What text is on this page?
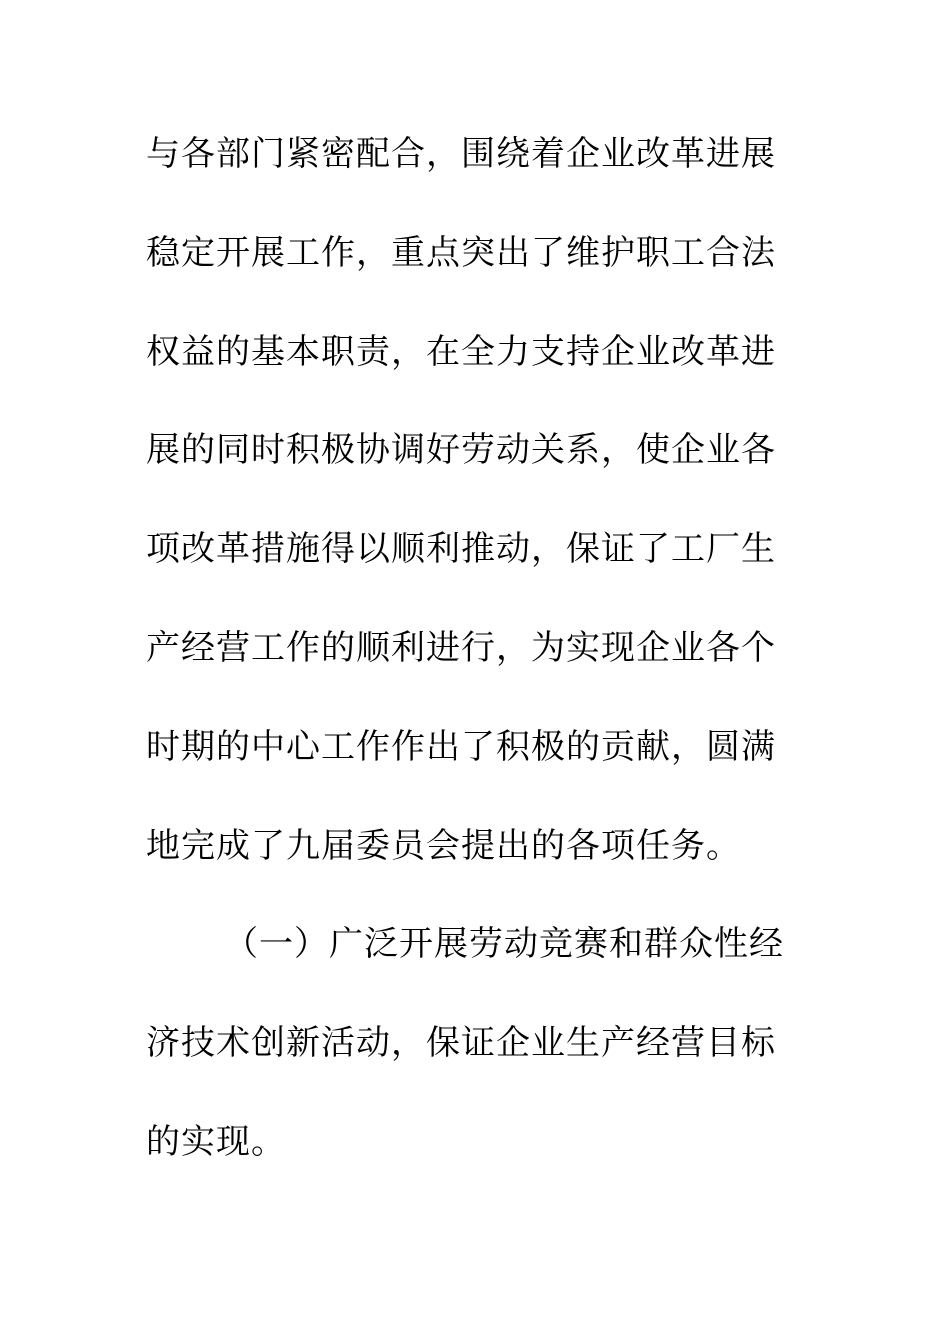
与各部门紧密配合，围绕着企业改革进展
稳定开展工作，重点突出了维护职工合法
权益的基本职责，在全力支持企业改革进
展的同时积极协调好劳动关系，使企业各
项改革措施得以顺利推动，保证了工厂生
产经营工作的顺利进行，为实现企业各个
时期的中心工作作出了积极的贡献，圆满
地完成了九届委员会提出的各项任务。
（一）广泛开展劳动竞赛和群众性经
济技术创新活动，保证企业生产经营目标
的实现。
